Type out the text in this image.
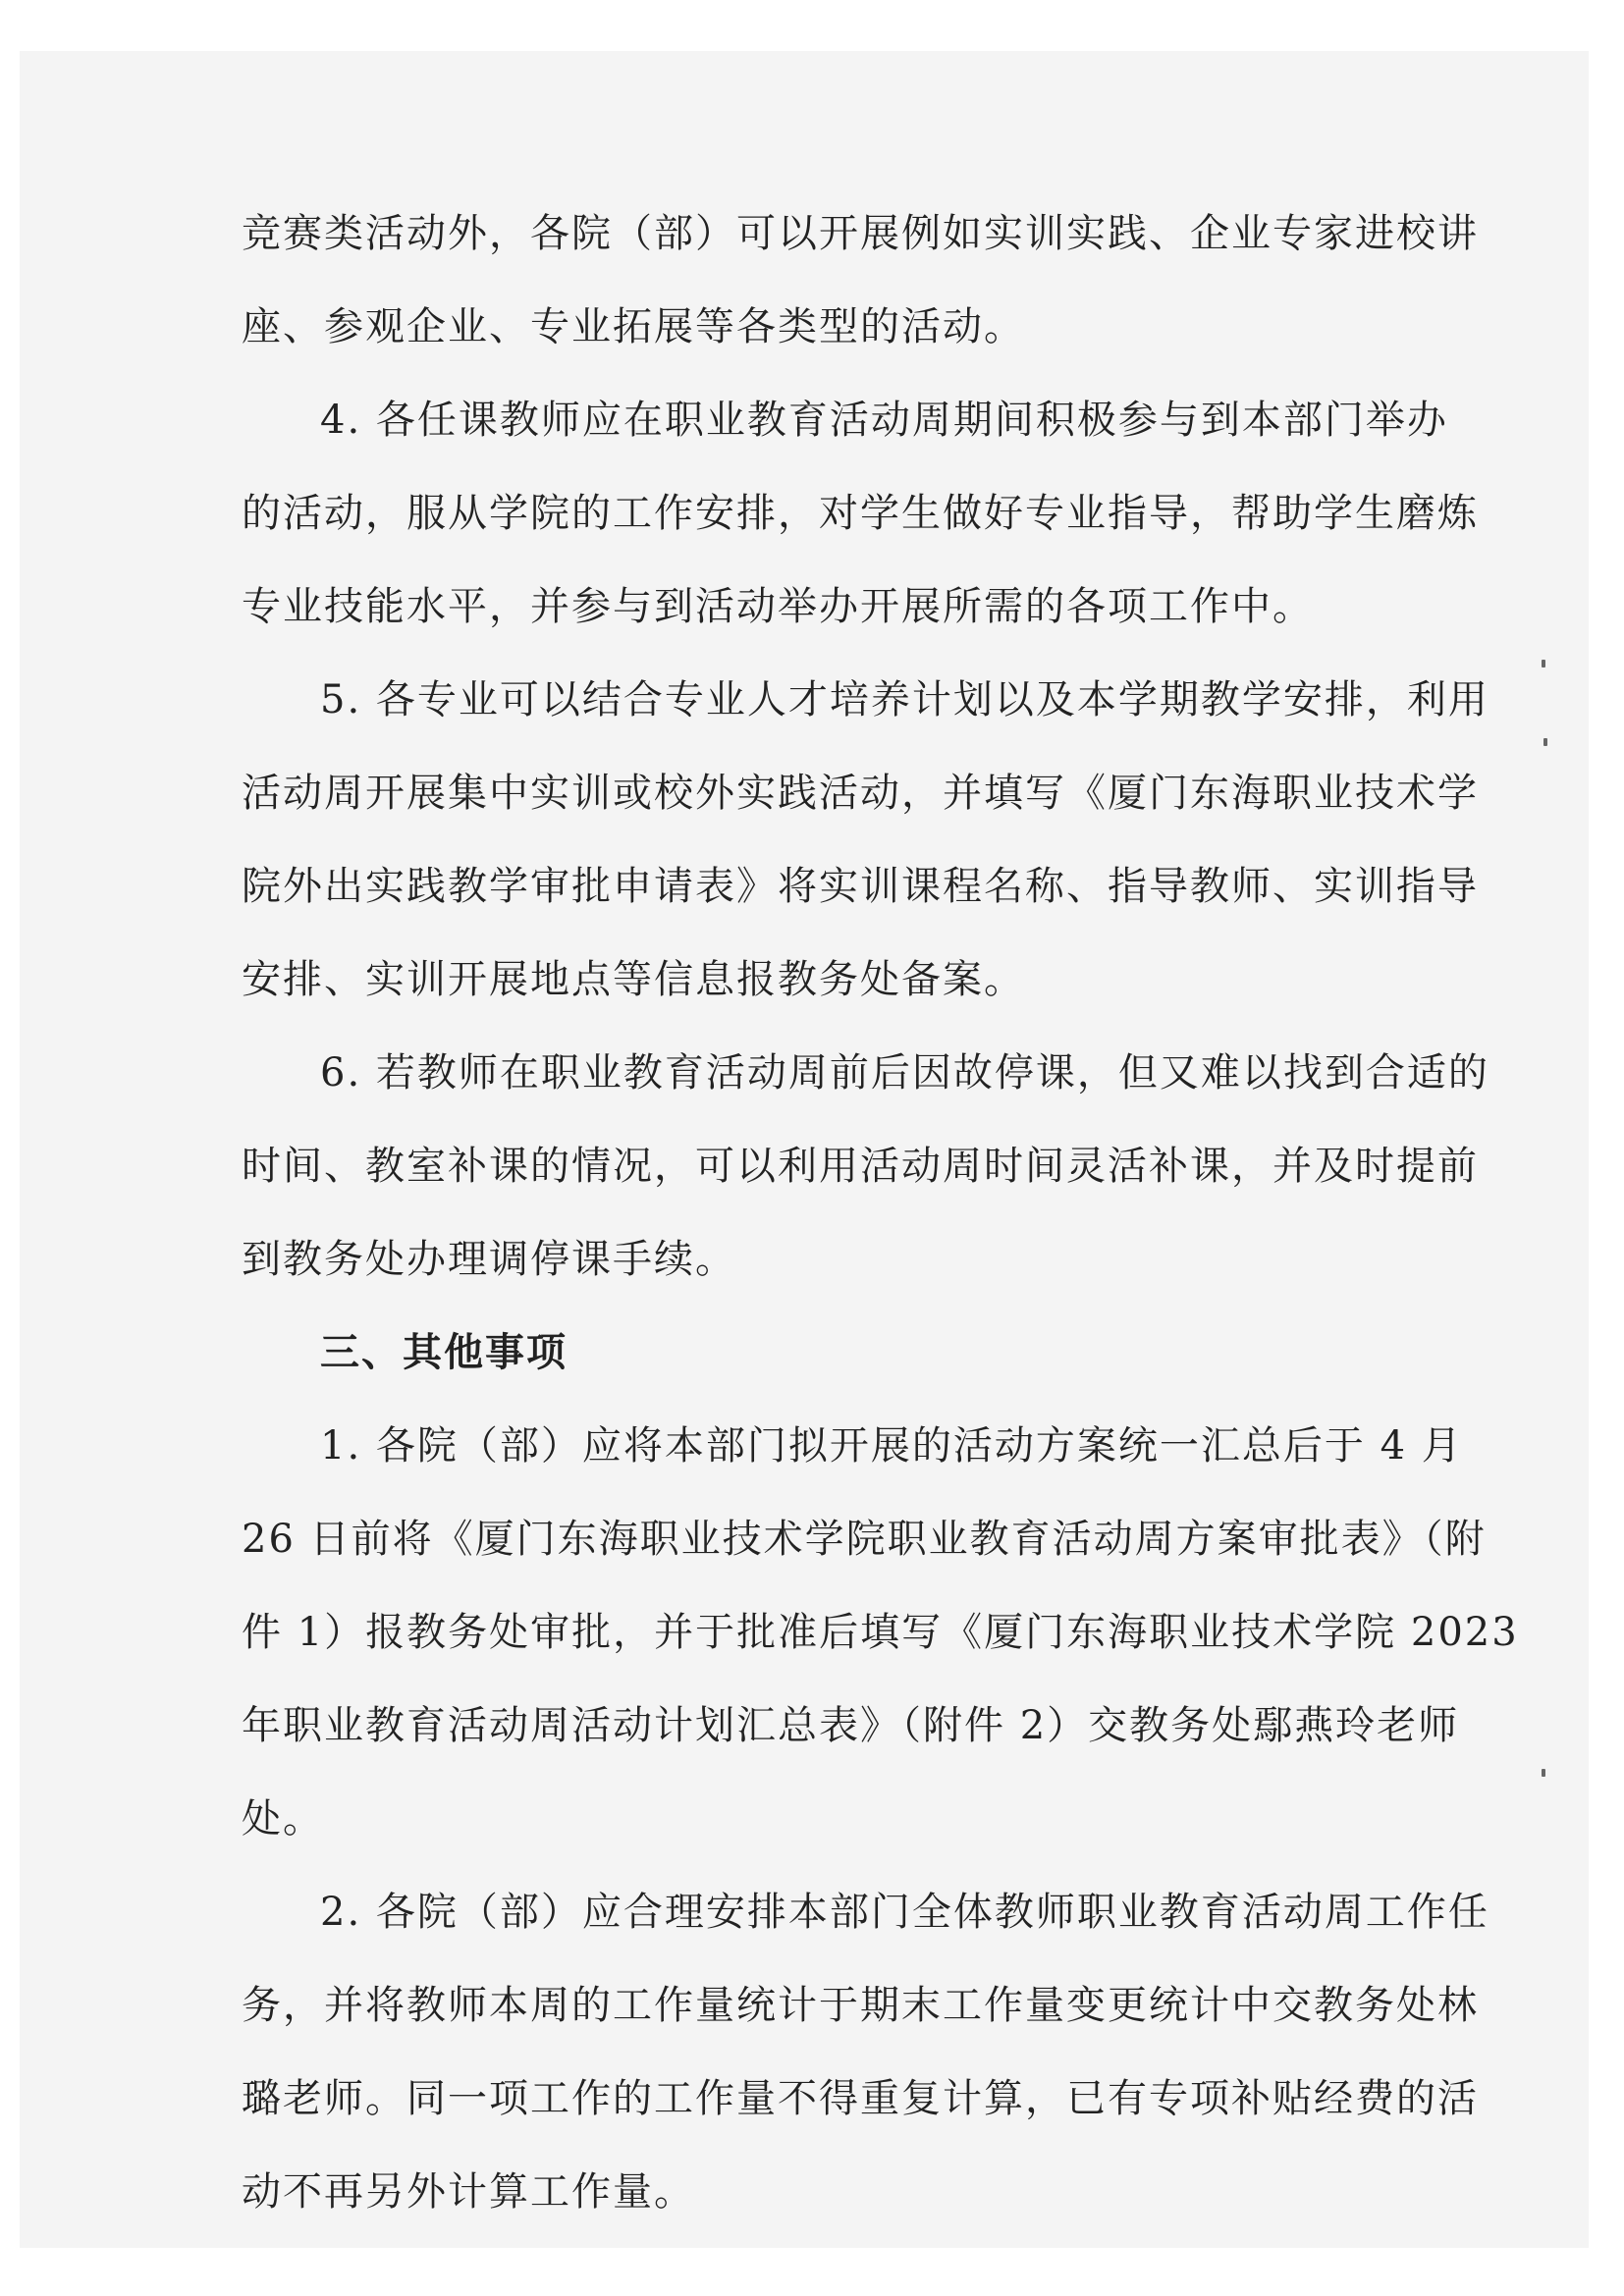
竞赛类活动外，各院（部）可以开展例如实训实践、企业专家进校讲
座、参观企业、专业拓展等各类型的活动。
4. 各任课教师应在职业教育活动周期间积极参与到本部门举办
的活动，服从学院的工作安排，对学生做好专业指导，帮助学生磨炼
专业技能水平，并参与到活动举办开展所需的各项工作中。
5. 各专业可以结合专业人才培养计划以及本学期教学安排，利用
活动周开展集中实训或校外实践活动，并填写《厦门东海职业技术学
院外出实践教学审批申请表》将实训课程名称、指导教师、实训指导
安排、实训开展地点等信息报教务处备案。
6. 若教师在职业教育活动周前后因故停课，但又难以找到合适的
时间、教室补课的情况，可以利用活动周时间灵活补课，并及时提前
到教务处办理调停课手续。
三、其他事项
1. 各院（部）应将本部门拟开展的活动方案统一汇总后于 4 月
26 日前将《厦门东海职业技术学院职业教育活动周方案审批表》（附
件 1）报教务处审批，并于批准后填写《厦门东海职业技术学院 2023
年职业教育活动周活动计划汇总表》（附件 2）交教务处鄢燕玲老师
处。
2. 各院（部）应合理安排本部门全体教师职业教育活动周工作任
务，并将教师本周的工作量统计于期末工作量变更统计中交教务处林
璐老师。同一项工作的工作量不得重复计算，已有专项补贴经费的活
动不再另外计算工作量。
